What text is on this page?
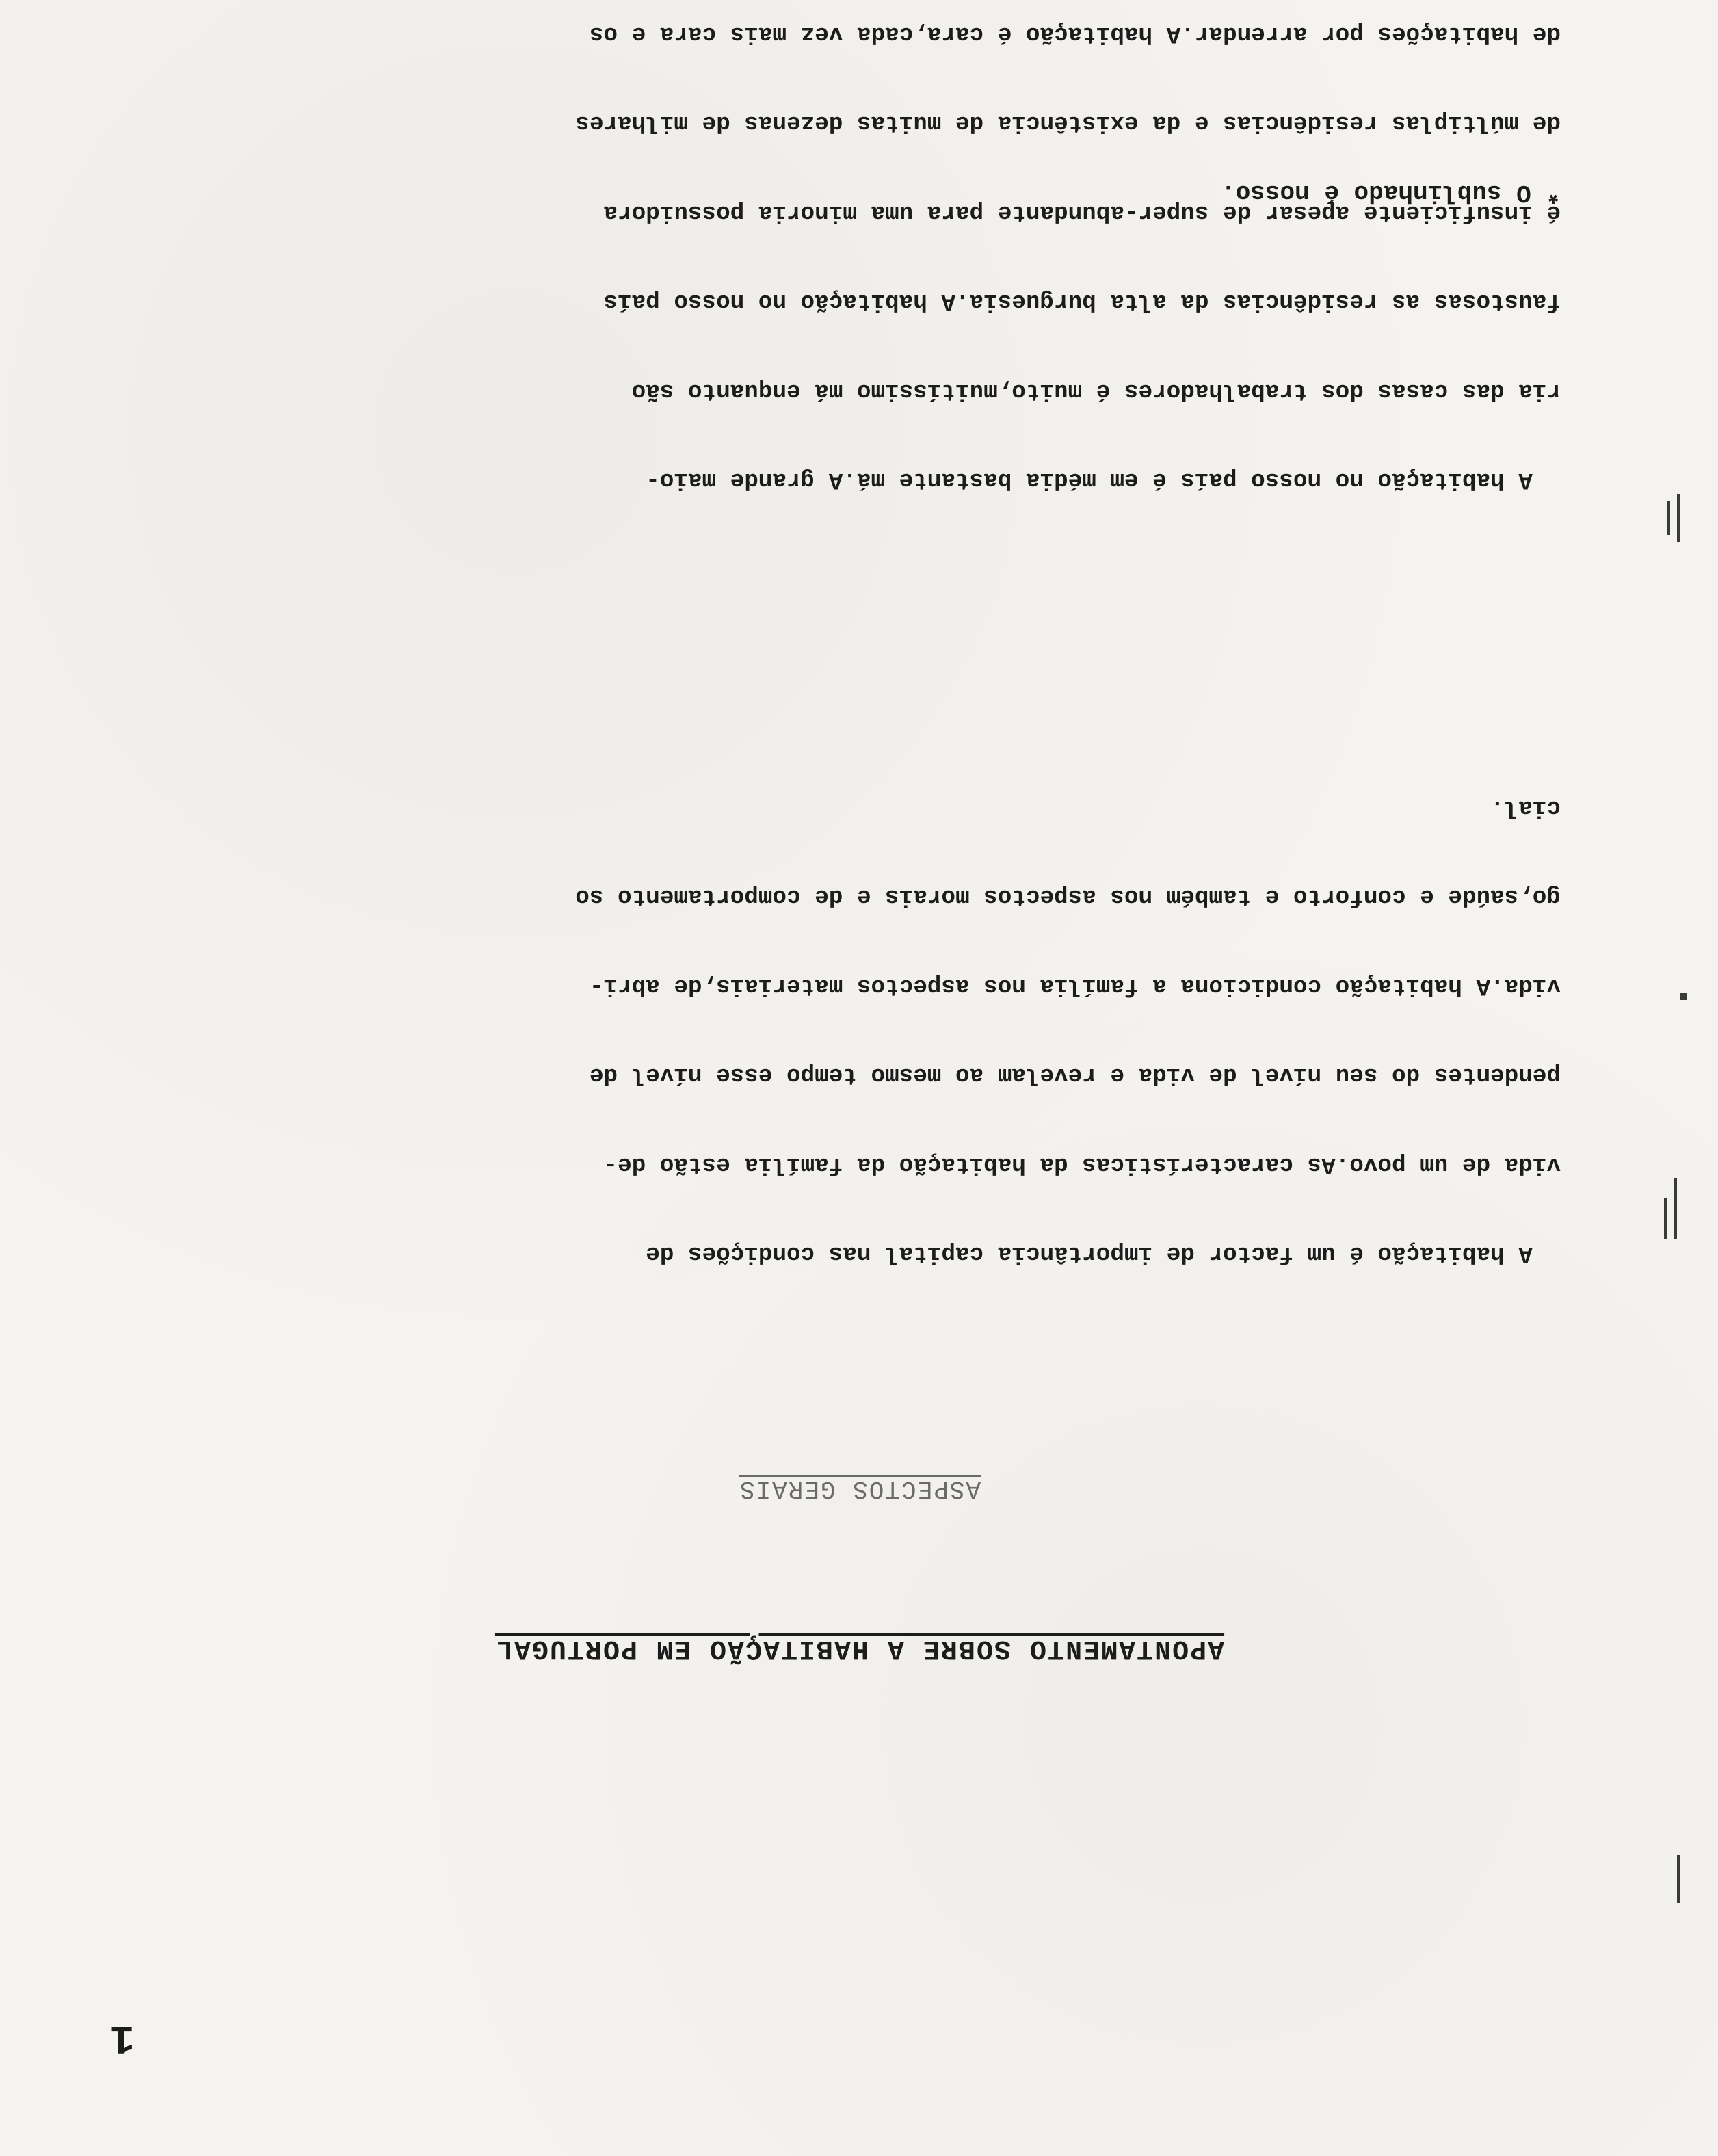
1
APONTAMENTO SOBRE A HABITAÇÃO EM PORTUGAL
ASPECTOS GERAIS

A habitação é um factor de importância capital nas condições de

vida de um povo.As características da habitação da família estão de-

pendentes do seu nível de vida e revelam ao mesmo tempo esse nível de

vida.A habitação condiciona a família nos aspectos materiais,de abri-

go,saúde e conforto e também nos aspectos morais e de comportamento so

cial.

A habitação no nosso país é em média bastante má.A grande maio-

ria das casas dos trabalhadores é muito,muitíssimo má enquanto são

faustosas as residências da alta burguesia.A habitação no nosso país

é insuficiente apesar de super-abundante para uma minoria possuidora

de múltiplas residências e da existência de muitas dezenas de milhares

de habitações por arrendar.A habitação é cara,cada vez mais cara e os

* O sublinhado é nosso.
